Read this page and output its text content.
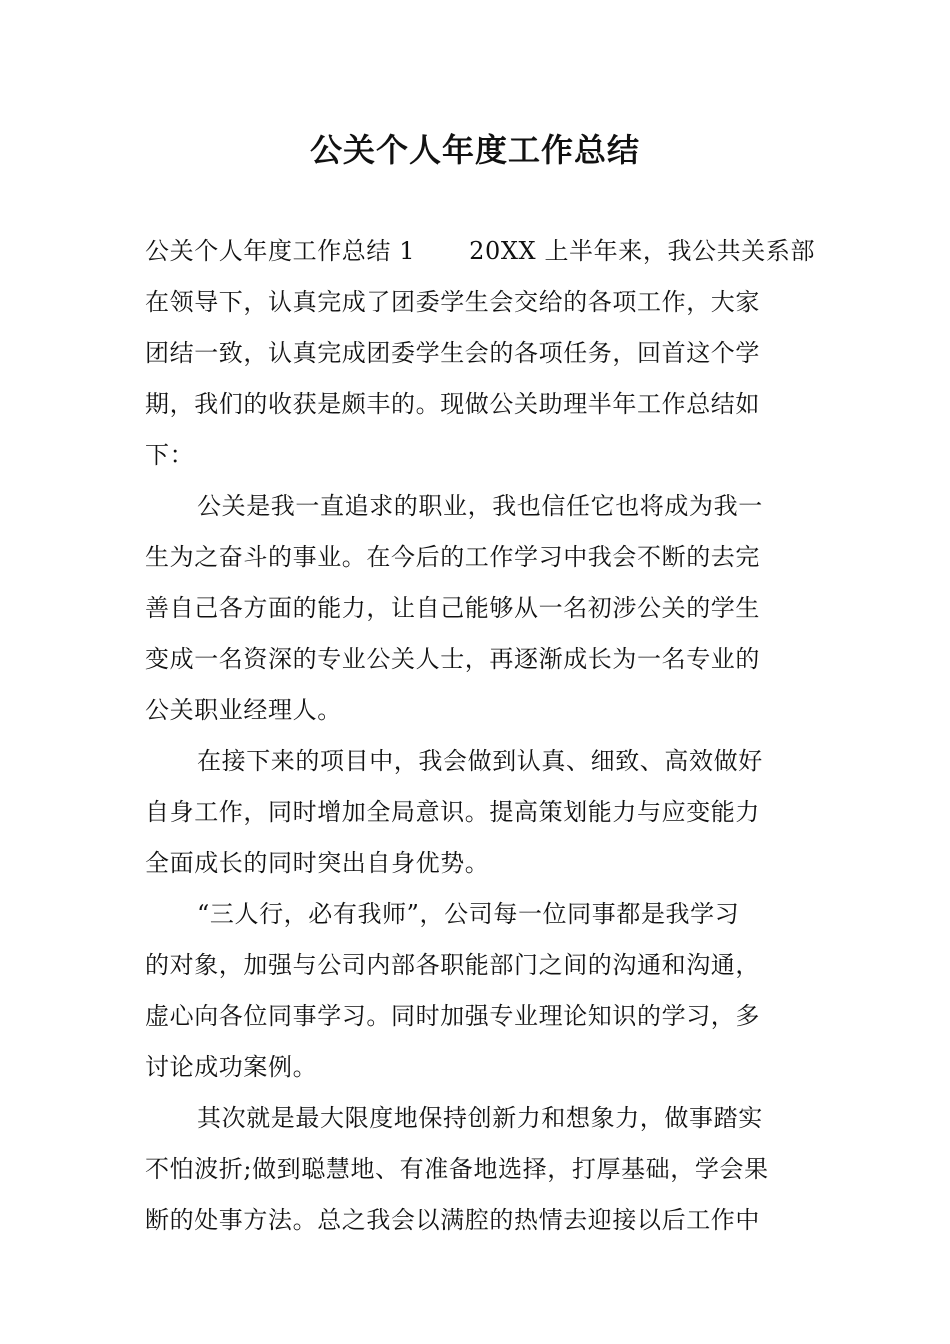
公关个人年度工作总结
公关个人年度工作总结 1 20XX 上半年来，我公共关系部
在领导下，认真完成了团委学生会交给的各项工作，大家
团结一致，认真完成团委学生会的各项任务，回首这个学
期，我们的收获是颇丰的。现做公关助理半年工作总结如
下：
公关是我一直追求的职业，我也信任它也将成为我一
生为之奋斗的事业。在今后的工作学习中我会不断的去完
善自己各方面的能力，让自己能够从一名初涉公关的学生
变成一名资深的专业公关人士，再逐渐成长为一名专业的
公关职业经理人。
在接下来的项目中，我会做到认真、细致、高效做好
自身工作，同时增加全局意识。提高策划能力与应变能力
全面成长的同时突出自身优势。
“三人行，必有我师”，公司每一位同事都是我学习
的对象，加强与公司内部各职能部门之间的沟通和沟通，
虚心向各位同事学习。同时加强专业理论知识的学习，多
讨论成功案例。
其次就是最大限度地保持创新力和想象力，做事踏实
不怕波折;做到聪慧地、有准备地选择，打厚基础，学会果
断的处事方法。总之我会以满腔的热情去迎接以后工作中
